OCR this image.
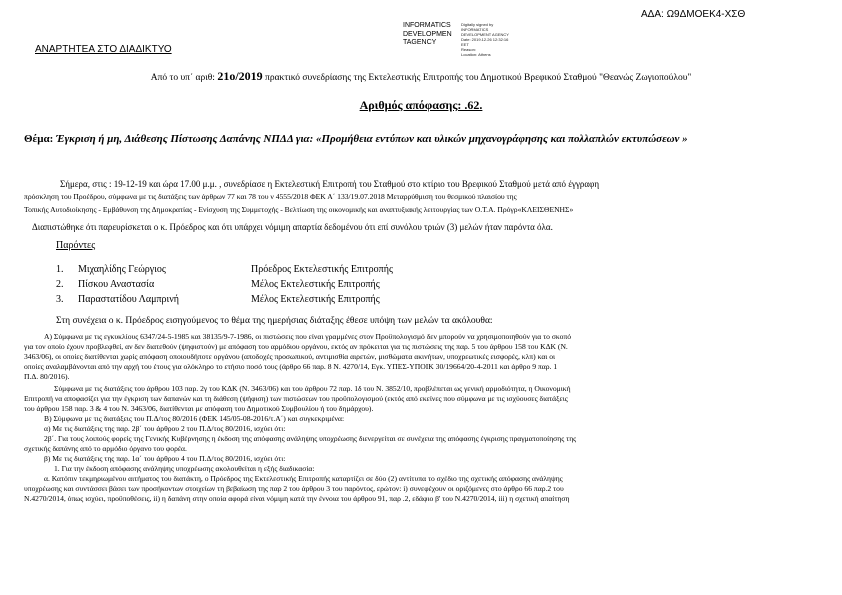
ΑΔΑ: Ω9ΔΜΟΕΚ4-ΧΣΘ
INFORMATICS
DEVELOPMEN
TAGENCY
Digitally signed by
INFORMATICS
DEVELOPMENT AGENCY
Date: 2019.12.26 12:32:16
EET
Reason:
Location: Athens
ΑΝΑΡΤΗΤΕΑ ΣΤΟ ΔΙΑΔΙΚΤΥΟ
Από το υπ΄ αριθ: 21ο/2019 πρακτικό συνεδρίασης της Εκτελεστικής Επιτροπής του Δημοτικού Βρεφικού Σταθμού "Θεανώς Ζωγιοπούλου"
Αριθμός απόφασης: .62.
Θέμα: Έγκριση ή μη, Διάθεσης Πίστωσης Δαπάνης ΝΠΔΔ για: «Προμήθεια εντύπων και υλικών μηχανογράφησης και πολλαπλών εκτυπώσεων »
Σήμερα, στις : 19-12-19 και ώρα 17.00 μ.μ. , συνεδρίασε η Εκτελεστική Επιτροπή του Σταθμού στο κτίριο του Βρεφικού Σταθμού μετά από έγγραφη
πρόσκληση του Προέδρου, σύμφωνα με τις διατάξεις των άρθρων 77 και 78 του ν 4555/2018 ΦΕΚ Α΄ 133/19.07.2018 Μεταρρύθμιση του θεσμικού πλαισίου της
Τοπικής Αυτοδιοίκησης - Εμβάθυνση της Δημοκρατίας - Ενίσχυση της Συμμετοχής - Βελτίωση της οικονομικής και αναπτυξιακής λειτουργίας των Ο.Τ.Α. Πρόγρ«ΚΛΕΙΣΘΕΝΗΣ»
Διαπιστώθηκε ότι παρευρίσκεται ο κ. Πρόεδρος και ότι υπάρχει νόμιμη απαρτία δεδομένου ότι επί συνόλου τριών (3) μελών ήταν παρόντα όλα.
Παρόντες
1. Μιχαηλίδης Γεώργιος	Πρόεδρος Εκτελεστικής Επιτροπής
2. Πίσκου Αναστασία	Μέλος Εκτελεστικής Επιτροπής
3. Παραστατίδου Λαμπρινή	Μέλος Εκτελεστικής Επιτροπής
Στη συνέχεια ο κ. Πρόεδρος εισηγούμενος το θέμα της ημερήσιας διάταξης έθεσε υπόψη των μελών τα ακόλουθα:
Α) Σύμφωνα με τις εγκυκλίους 6347/24-5-1985 και 38135/9-7-1986, οι πιστώσεις που είναι γραμμένες στον Προϋπολογισμό δεν μπορούν να χρησιμοποιηθούν για το σκοπό
για τον οποίο έχουν προβλεφθεί, αν δεν διατεθούν (ψηφιστούν) με απόφαση του αρμόδιου οργάνου, εκτός αν πρόκειται για τις πιστώσεις της παρ. 5 του άρθρου 158 του ΚΔΚ (Ν.
3463/06), οι οποίες διατίθενται χωρίς απόφαση οποιουδήποτε οργάνου (αποδοχές προσωπικού, αντιμισθία αιρετών, μισθώματα ακινήτων, υποχρεωτικές εισφορές, κλπ) και οι
οποίες αναλαμβάνονται από την αρχή του έτους για ολόκληρο το ετήσιο ποσό τους (άρθρο 66 παρ. 8 Ν. 4270/14, Εγκ. ΥΠΕΣ-ΥΠΟΙΚ 30/19664/20-4-2011 και άρθρο 9 παρ. 1
Π.Δ. 80/2016).
Σύμφωνα με τις διατάξεις του άρθρου 103 παρ. 2γ του ΚΔΚ (Ν. 3463/06) και του άρθρου 72 παρ. 1δ του Ν. 3852/10, προβλέπεται ως γενική αρμοδιότητα, η Οικονομική
Επιτροπή να αποφασίζει για την έγκριση των δαπανών και τη διάθεση (ψήφιση) των πιστώσεων του προϋπολογισμού (εκτός από εκείνες που σύμφωνα με τις ισχύουσες διατάξεις
του άρθρου 158 παρ. 3 & 4 του Ν. 3463/06, διατίθενται με απόφαση του Δημοτικού Συμβουλίου ή του δημάρχου).
Β) Σύμφωνα με τις διατάξεις του Π.Δ/τος 80/2016 (ΦΕΚ 145/05-08-2016/τ.Α΄) και συγκεκριμένα:
α) Με τις διατάξεις της παρ. 2β΄ του άρθρου 2 του Π.Δ/τος 80/2016, ισχύει ότι:
2β΄. Για τους λοιπούς φορείς της Γενικής Κυβέρνησης η έκδοση της απόφασης ανάληψης υποχρέωσης διενεργείται σε συνέχεια της απόφασης έγκρισης πραγματοποίησης της
σχετικής δαπάνης από το αρμόδιο όργανο του φορέα.
β) Με τις διατάξεις της παρ. 1α΄ του άρθρου 4 του Π.Δ/τος 80/2016, ισχύει ότι:
1. Για την έκδοση απόφασης ανάληψης υποχρέωσης ακολουθείται η εξής διαδικασία:
α. Κατόπιν τεκμηριωμένου αιτήματος του διατάκτη, ο Πρόεδρος της Εκτελεστικής Επιτροπής καταρτίζει σε δύο (2) αντίτυπα το σχέδιο της σχετικής απόφασης ανάληψης
υποχρέωσης και συντάσσει βάσει των προσήκοντων στοιχείων τη βεβαίωση της παρ 2 του άρθρου 3 του παρόντος, ερώτον: i) συνεφέχουν οι οριζόμενες στο άρθρο 66 παρ.2 του
Ν.4270/2014, όπως ισχύει, προϋποθέσεις, ii) η δαπάνη στην οποία αφορά είναι νόμιμη κατά την έννοια του άρθρου 91, παρ .2, εδάφιο β' του Ν.4270/2014, iii) η σχετική απαίτηση
